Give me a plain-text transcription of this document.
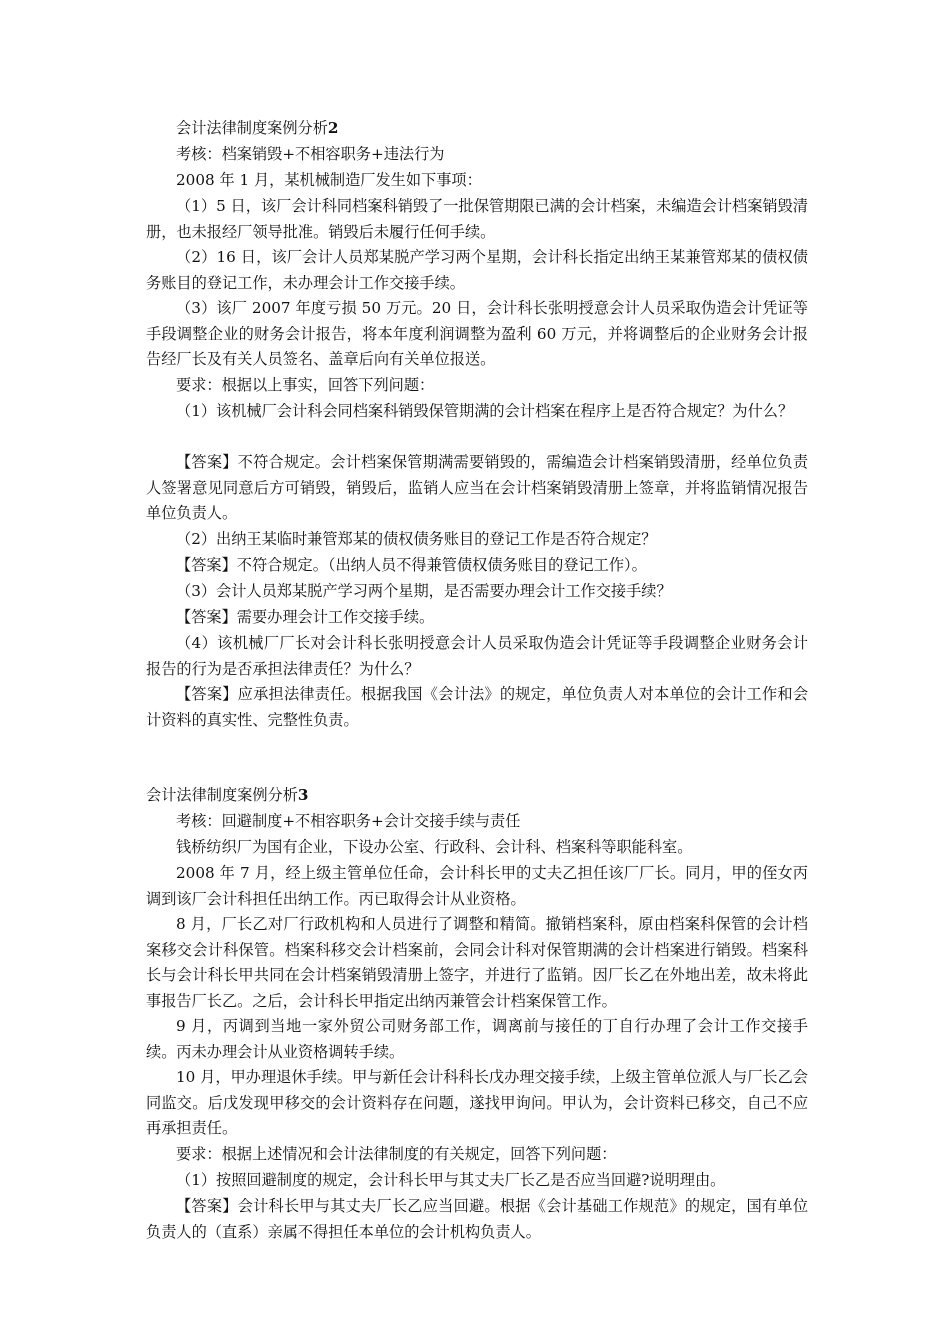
会计法律制度案例分析2

考核：档案销毁+不相容职务+违法行为

2008 年 1 月，某机械制造厂发生如下事项：

（1）5 日，该厂会计科同档案科销毁了一批保管期限已满的会计档案，未编造会计档案销毁清册，也未报经厂领导批准。销毁后未履行任何手续。

（2）16 日，该厂会计人员郑某脱产学习两个星期，会计科长指定出纳王某兼管郑某的债权债务账目的登记工作，未办理会计工作交接手续。

（3）该厂 2007 年度亏损 50 万元。20 日，会计科长张明授意会计人员采取伪造会计凭证等手段调整企业的财务会计报告，将本年度利润调整为盈利 60 万元，并将调整后的企业财务会计报告经厂长及有关人员签名、盖章后向有关单位报送。

要求：根据以上事实，回答下列问题：

（1）该机械厂会计科会同档案科销毁保管期满的会计档案在程序上是否符合规定？为什么？

【答案】不符合规定。会计档案保管期满需要销毁的，需编造会计档案销毁清册，经单位负责人签署意见同意后方可销毁，销毁后，监销人应当在会计档案销毁清册上签章，并将监销情况报告单位负责人。

（2）出纳王某临时兼管郑某的债权债务账目的登记工作是否符合规定？

【答案】不符合规定。（出纳人员不得兼管债权债务账目的登记工作）。

（3）会计人员郑某脱产学习两个星期，是否需要办理会计工作交接手续？

【答案】需要办理会计工作交接手续。

（4）该机械厂厂长对会计科长张明授意会计人员采取伪造会计凭证等手段调整企业财务会计报告的行为是否承担法律责任？为什么？

【答案】应承担法律责任。根据我国《会计法》的规定，单位负责人对本单位的会计工作和会计资料的真实性、完整性负责。

会计法律制度案例分析3

考核：回避制度+不相容职务+会计交接手续与责任

钱桥纺织厂为国有企业，下设办公室、行政科、会计科、档案科等职能科室。

2008 年 7 月，经上级主管单位任命，会计科长甲的丈夫乙担任该厂厂长。同月，甲的侄女丙调到该厂会计科担任出纳工作。丙已取得会计从业资格。

8 月，厂长乙对厂行政机构和人员进行了调整和精简。撤销档案科，原由档案科保管的会计档案移交会计科保管。档案科移交会计档案前，会同会计科对保管期满的会计档案进行销毁。档案科长与会计科长甲共同在会计档案销毁清册上签字，并进行了监销。因厂长乙在外地出差，故未将此事报告厂长乙。之后，会计科长甲指定出纳丙兼管会计档案保管工作。

9 月，丙调到当地一家外贸公司财务部工作，调离前与接任的丁自行办理了会计工作交接手续。丙未办理会计从业资格调转手续。

10 月，甲办理退休手续。甲与新任会计科科长戊办理交接手续，上级主管单位派人与厂长乙会同监交。后戊发现甲移交的会计资料存在问题，遂找甲询问。甲认为，会计资料已移交，自己不应再承担责任。

要求：根据上述情况和会计法律制度的有关规定，回答下列问题：

（1）按照回避制度的规定，会计科长甲与其丈夫厂长乙是否应当回避?说明理由。

【答案】会计科长甲与其丈夫厂长乙应当回避。根据《会计基础工作规范》的规定，国有单位负责人的（直系）亲属不得担任本单位的会计机构负责人。
